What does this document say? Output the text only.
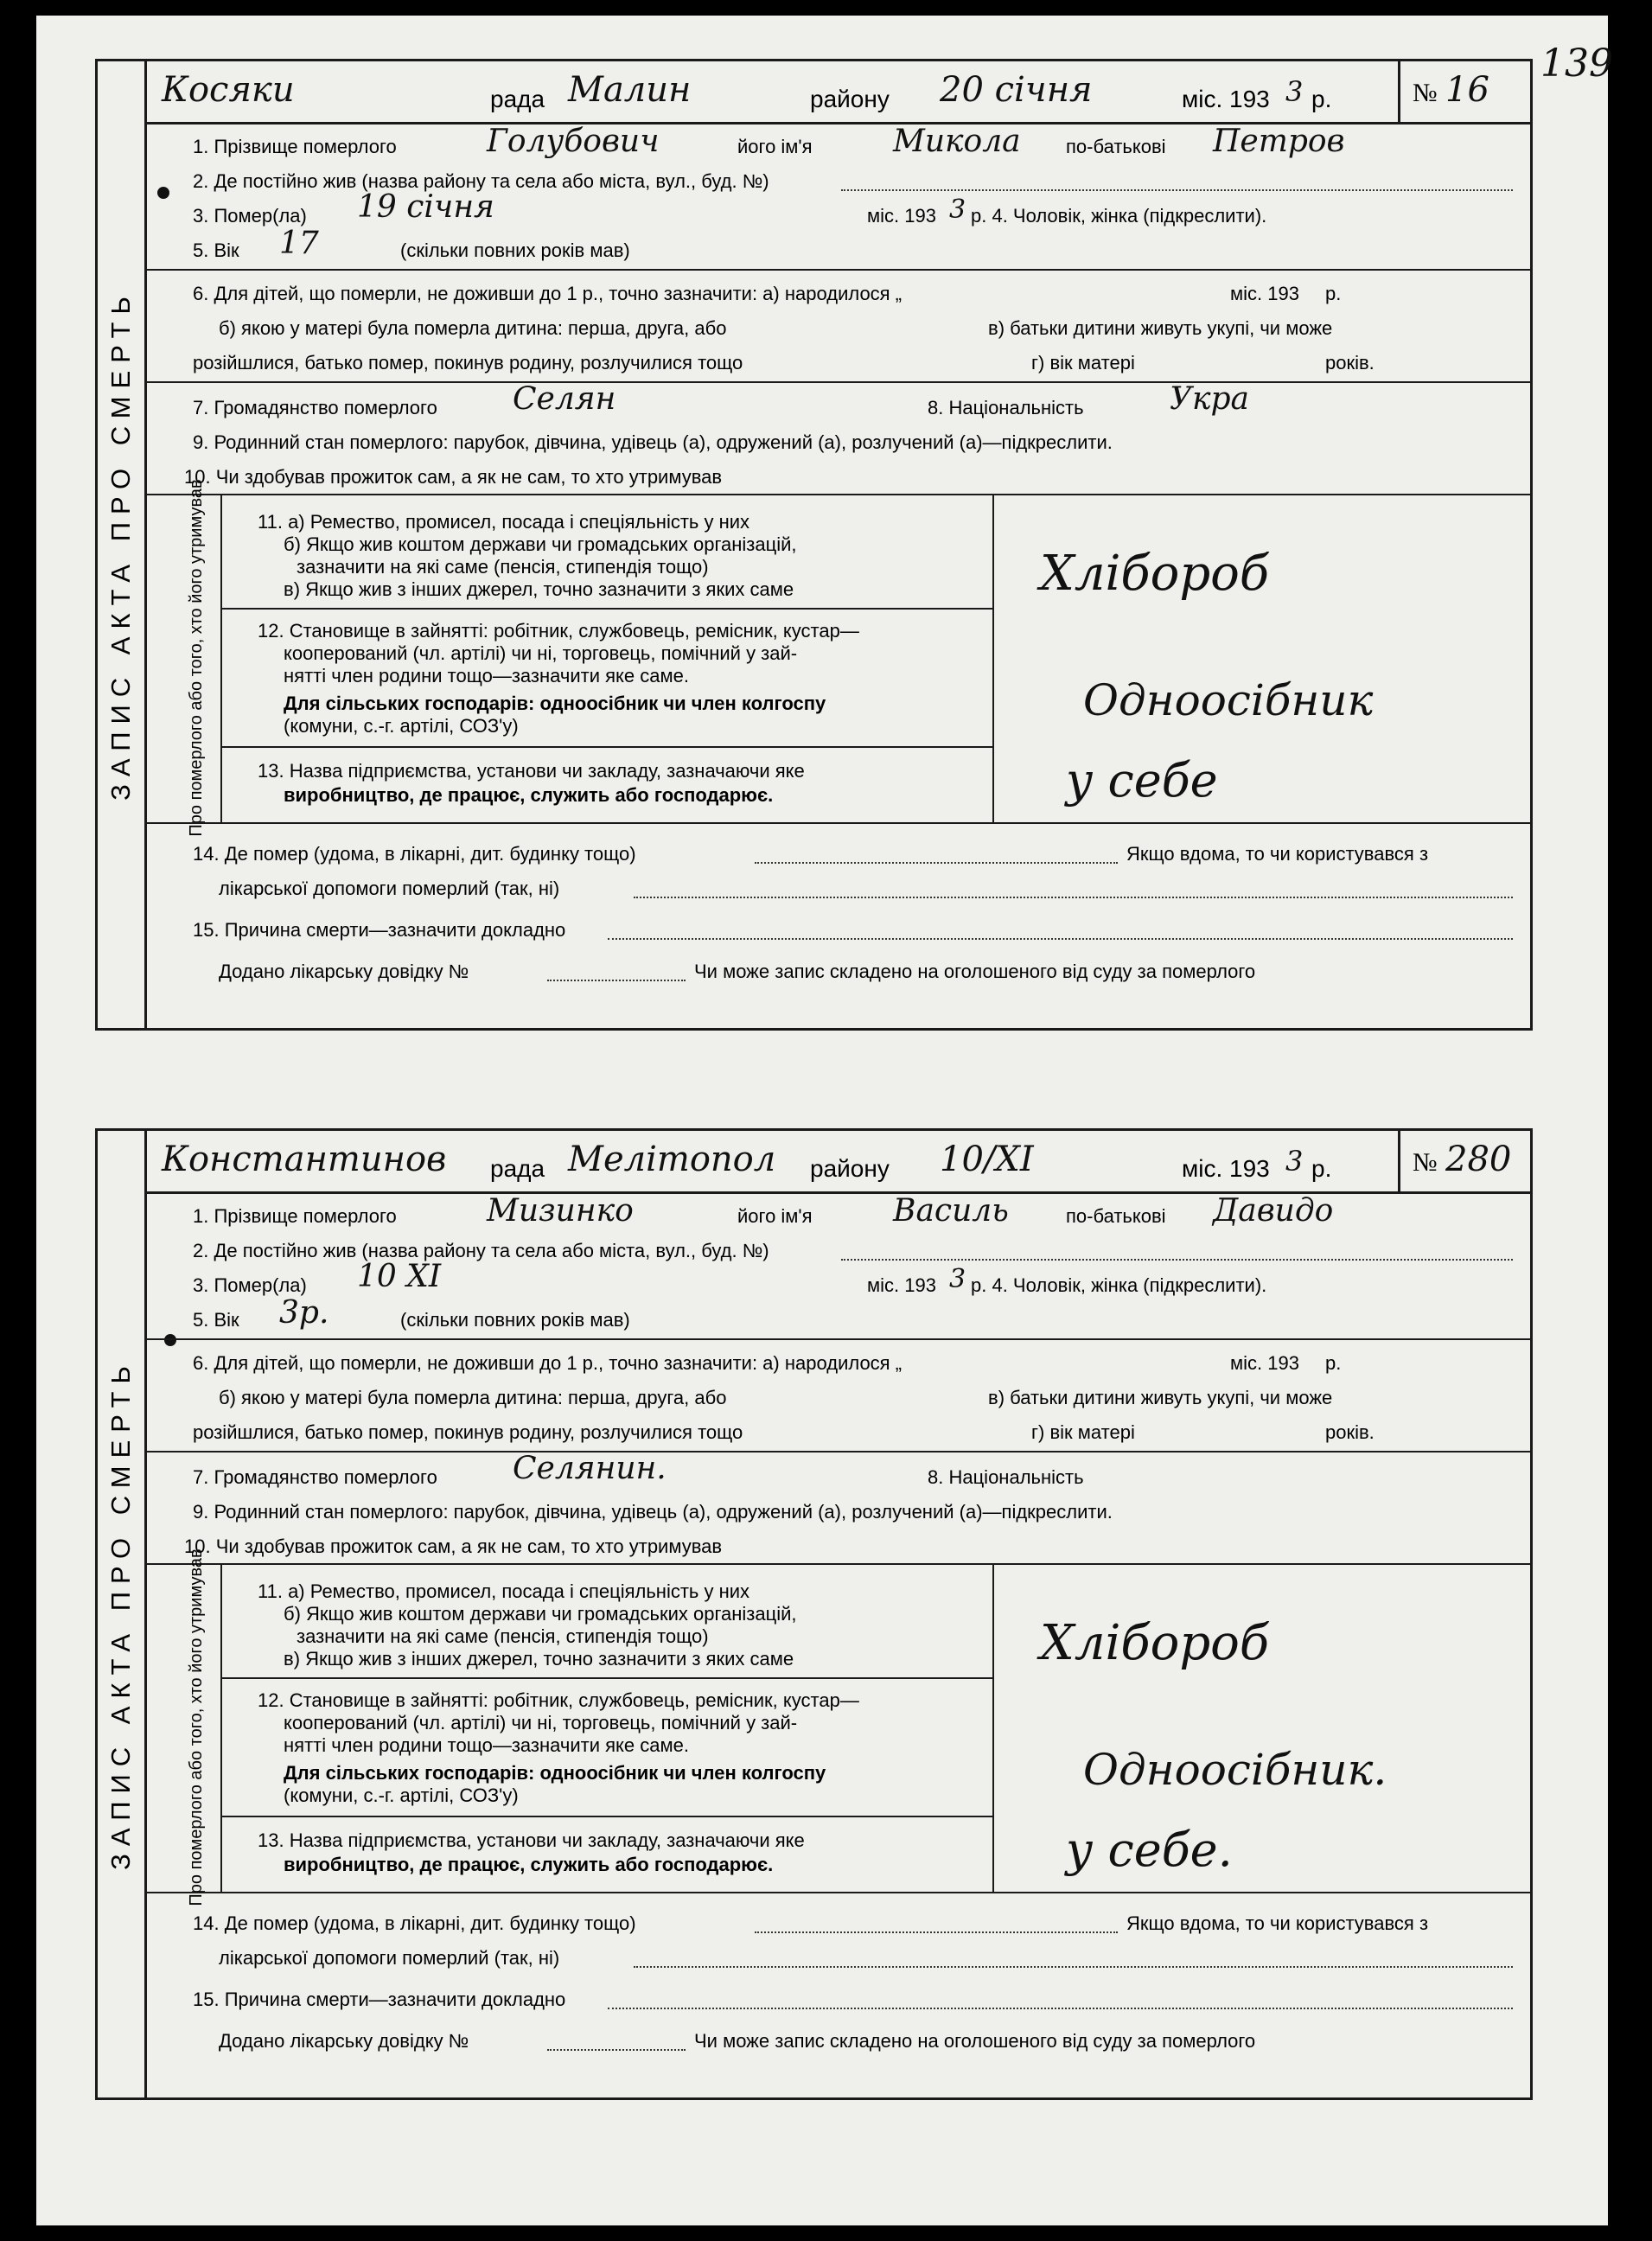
139
ЗАПИС АКТА ПРО СМЕРТЬ
Косяки	рада Малин	району 20 січня	міс. 193 3 р.	№ 16
1. Прізвище померлого	Голубович	його ім'я	Микола по-батькові Петров
2. Де постійно жив (назва району та села або міста, вул., буд. №)
3. Помер(ла) 19 січня	міс. 193 3 р. 4. Чоловік, жінка (підкреслити).
5. Вік 17	(скільки повних років мав)
6. Для дітей, що померли, не доживши до 1 р., точно зазначити: а) народилося „	міс. 193 р.
б) якою у матері була померла дитина: перша, друга, або	в) батьки дитини живуть укупі, чи може
розійшлися, батько помер, покинув родину, розлучилися тощо	г) вік матері	років.
7. Громадянство померлого Селян	8. Національність	Укра
9. Родинний стан померлого: парубок, дівчина, удівець (а), одружений (а), розлучений (а)—підкреслити.
10. Чи здобував прожиток сам, а як не сам, то хто утримував
Про померлого або того, хто його утримував	11. а) Ремество, промисел, посада і спеціяльність у них
б) Якщо жив коштом держави чи громадських організацій,
зазначити на які саме (пенсія, стипендія тощо)
в) Якщо жив з інших джерел, точно зазначити з яких саме	Хлібороб
12. Становище в зайнятті: робітник, службовець, ремісник, кустар—
кооперований (чл. артілі) чи ні, торговець, помічний у зай-
нятті член родини тощо—зазначити яке саме.
Для сільських господарів: одноосібник чи член колгоспу
(комуни, с.-г. артілі, СОЗ'у)
Одноосібник
13. Назва підприємства, установи чи закладу, зазначаючи яке
виробництво, де працює, служить або господарює.	у себе
14. Де помер (удома, в лікарні, дит. будинку тощо)	Якщо вдома, то чи користувався з
лікарської допомоги померлий (так, ні)
15. Причина смерти—зазначити докладно
Додано лікарську довідку №	Чи може запис складено на оголошеного від суду за померлого
ЗАПИС АКТА ПРО СМЕРТЬ
Константинов рада Мелітопол району 10/XI	міс. 193 3 р.	№ 280
1. Прізвище померлого	Мизинко	його ім'я	Василь	по-батькові Давидо
2. Де постійно жив (назва району та села або міста, вул., буд. №)
3. Помер(ла) 10 XI	міс. 193 3 р. 4. Чоловік, жінка (підкреслити).
5. Вік 3р.	(скільки повних років мав)
6. Для дітей, що померли, не доживши до 1 р., точно зазначити: а) народилося „	міс. 193 р.
б) якою у матері була померла дитина: перша, друга, або	в) батьки дитини живуть укупі, чи може
розійшлися, батько помер, покинув родину, розлучилися тощо	г) вік матері	років.
7. Громадянство померлого Селянин.	8. Національність
9. Родинний стан померлого: парубок, дівчина, удівець (а), одружений (а), розлучений (а)—підкреслити.
10. Чи здобував прожиток сам, а як не сам, то хто утримував
Про померлого або того, хто його утримував	11. а) Ремество, промисел, посада і спеціяльність у них
б) Якщо жив коштом держави чи громадських організацій,
зазначити на які саме (пенсія, стипендія тощо)
в) Якщо жив з інших джерел, точно зазначити з яких саме	Хлібороб
12. Становище в зайнятті: робітник, службовець, ремісник, кустар—
кооперований (чл. артілі) чи ні, торговець, помічний у зай-
нятті член родини тощо—зазначити яке саме.
Для сільських господарів: одноосібник чи член колгоспу
(комуни, с.-г. артілі, СОЗ'у)
Одноосібник.
13. Назва підприємства, установи чи закладу, зазначаючи яке
виробництво, де працює, служить або господарює.	у себе.
14. Де помер (удома, в лікарні, дит. будинку тощо)	Якщо вдома, то чи користувався з
лікарської допомоги померлий (так, ні)
15. Причина смерти—зазначити докладно
Додано лікарську довідку №	Чи може запис складено на оголошеного від суду за померлого
